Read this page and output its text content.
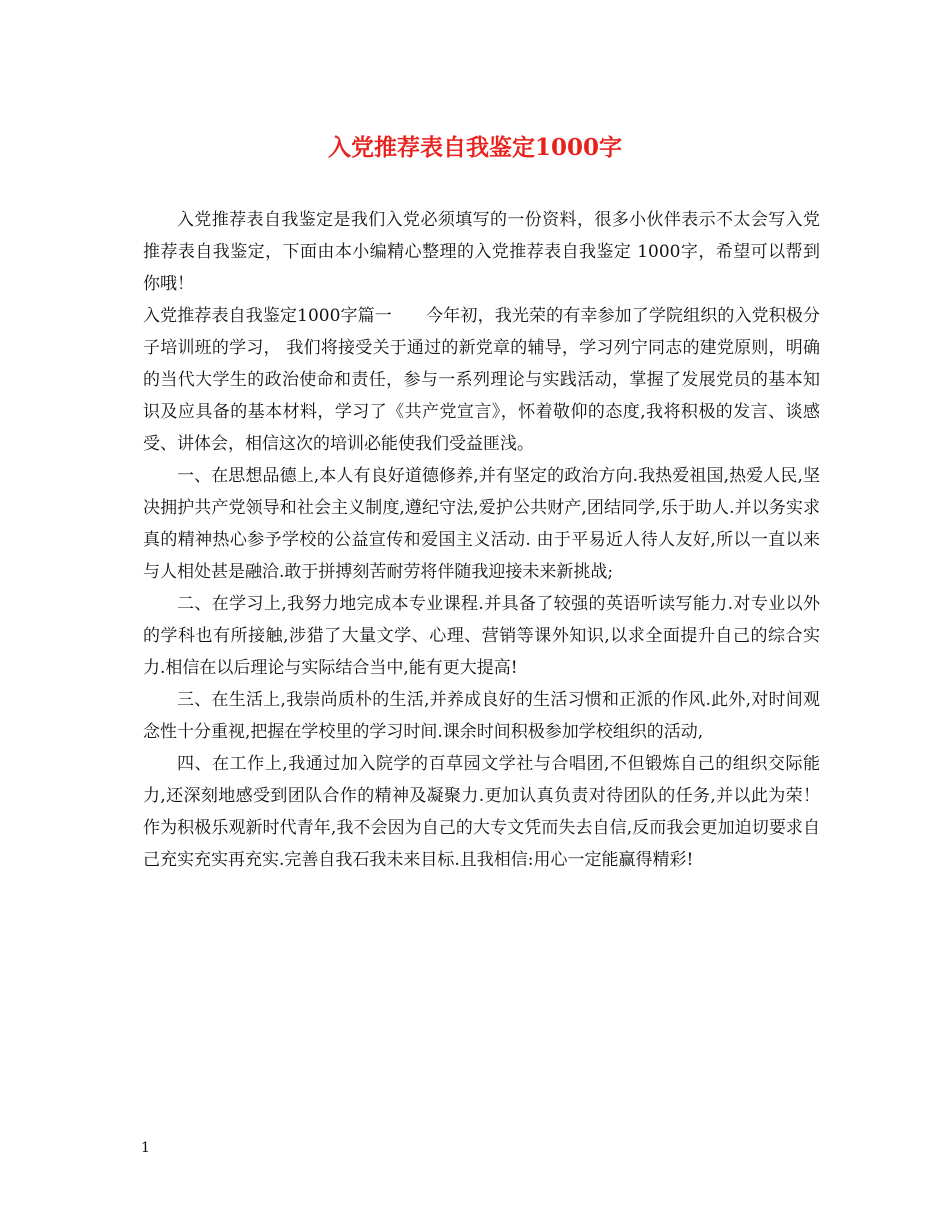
入党推荐表自我鉴定1000字

入党推荐表自我鉴定是我们入党必须填写的一份资料，很多小伙伴表示不太会写入党推荐表自我鉴定，下面由本小编精心整理的入党推荐表自我鉴定 1000字，希望可以帮到你哦！

入党推荐表自我鉴定1000字篇一　　今年初，我光荣的有幸参加了学院组织的入党积极分子培训班的学习， 我们将接受关于通过的新党章的辅导，学习列宁同志的建党原则，明确的当代大学生的政治使命和责任，参与一系列理论与实践活动，掌握了发展党员的基本知识及应具备的基本材料，学习了《共产党宣言》，怀着敬仰的态度,我将积极的发言、谈感受、讲体会，相信这次的培训必能使我们受益匪浅。

一、在思想品德上,本人有良好道德修养,并有坚定的政治方向.我热爱祖国,热爱人民,坚决拥护共产党领导和社会主义制度,遵纪守法,爱护公共财产,团结同学,乐于助人.并以务实求真的精神热心参予学校的公益宣传和爱国主义活动. 由于平易近人待人友好,所以一直以来与人相处甚是融洽.敢于拼搏刻苦耐劳将伴随我迎接未来新挑战;

二、在学习上,我努力地完成本专业课程.并具备了较强的英语听读写能力.对专业以外的学科也有所接触,涉猎了大量文学、心理、营销等课外知识,以求全面提升自己的综合实力.相信在以后理论与实际结合当中,能有更大提高!

三、在生活上,我崇尚质朴的生活,并养成良好的生活习惯和正派的作风.此外,对时间观念性十分重视,把握在学校里的学习时间.课余时间积极参加学校组织的活动,

四、在工作上,我通过加入院学的百草园文学社与合唱团,不但锻炼自己的组织交际能力,还深刻地感受到团队合作的精神及凝聚力.更加认真负责对待团队的任务,并以此为荣！ 作为积极乐观新时代青年,我不会因为自己的大专文凭而失去自信,反而我会更加迫切要求自己充实充实再充实.完善自我石我未来目标.且我相信:用心一定能赢得精彩!

1
